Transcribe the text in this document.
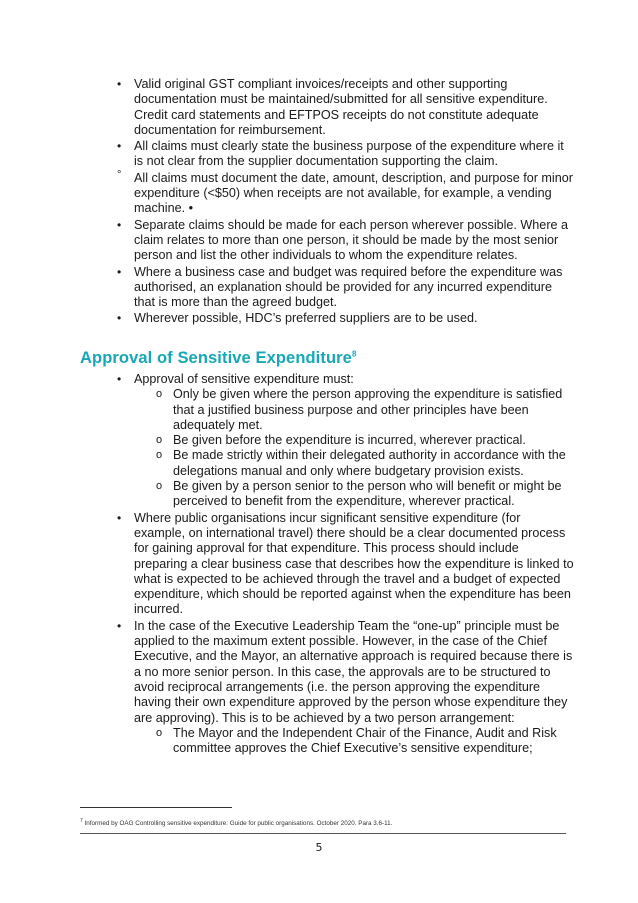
• Valid original GST compliant invoices/receipts and other supporting documentation must be maintained/submitted for all sensitive expenditure. Credit card statements and EFTPOS receipts do not constitute adequate documentation for reimbursement.
• All claims must clearly state the business purpose of the expenditure where it is not clear from the supplier documentation supporting the claim.
° All claims must document the date, amount, description, and purpose for minor expenditure (<$50) when receipts are not available, for example, a vending machine. •
• Separate claims should be made for each person wherever possible. Where a claim relates to more than one person, it should be made by the most senior person and list the other individuals to whom the expenditure relates.
• Where a business case and budget was required before the expenditure was authorised, an explanation should be provided for any incurred expenditure that is more than the agreed budget.
• Wherever possible, HDC’s preferred suppliers are to be used.
Approval of Sensitive Expenditure$^8$
• Approval of sensitive expenditure must:
o Only be given where the person approving the expenditure is satisfied that a justified business purpose and other principles have been adequately met.
o Be given before the expenditure is incurred, wherever practical.
o Be made strictly within their delegated authority in accordance with the delegations manual and only where budgetary provision exists.
o Be given by a person senior to the person who will benefit or might be perceived to benefit from the expenditure, wherever practical.
• Where public organisations incur significant sensitive expenditure (for example, on international travel) there should be a clear documented process for gaining approval for that expenditure. This process should include preparing a clear business case that describes how the expenditure is linked to what is expected to be achieved through the travel and a budget of expected expenditure, which should be reported against when the expenditure has been incurred.
• In the case of the Executive Leadership Team the “one-up” principle must be applied to the maximum extent possible. However, in the case of the Chief Executive, and the Mayor, an alternative approach is required because there is a no more senior person. In this case, the approvals are to be structured to avoid reciprocal arrangements (i.e. the person approving the expenditure having their own expenditure approved by the person whose expenditure they are approving). This is to be achieved by a two person arrangement:
o The Mayor and the Independent Chair of the Finance, Audit and Risk committee approves the Chief Executive’s sensitive expenditure;
$^7$ Informed by OAG Controlling sensitive expenditure: Guide for public organisations. October 2020. Para 3.6-11.
5
